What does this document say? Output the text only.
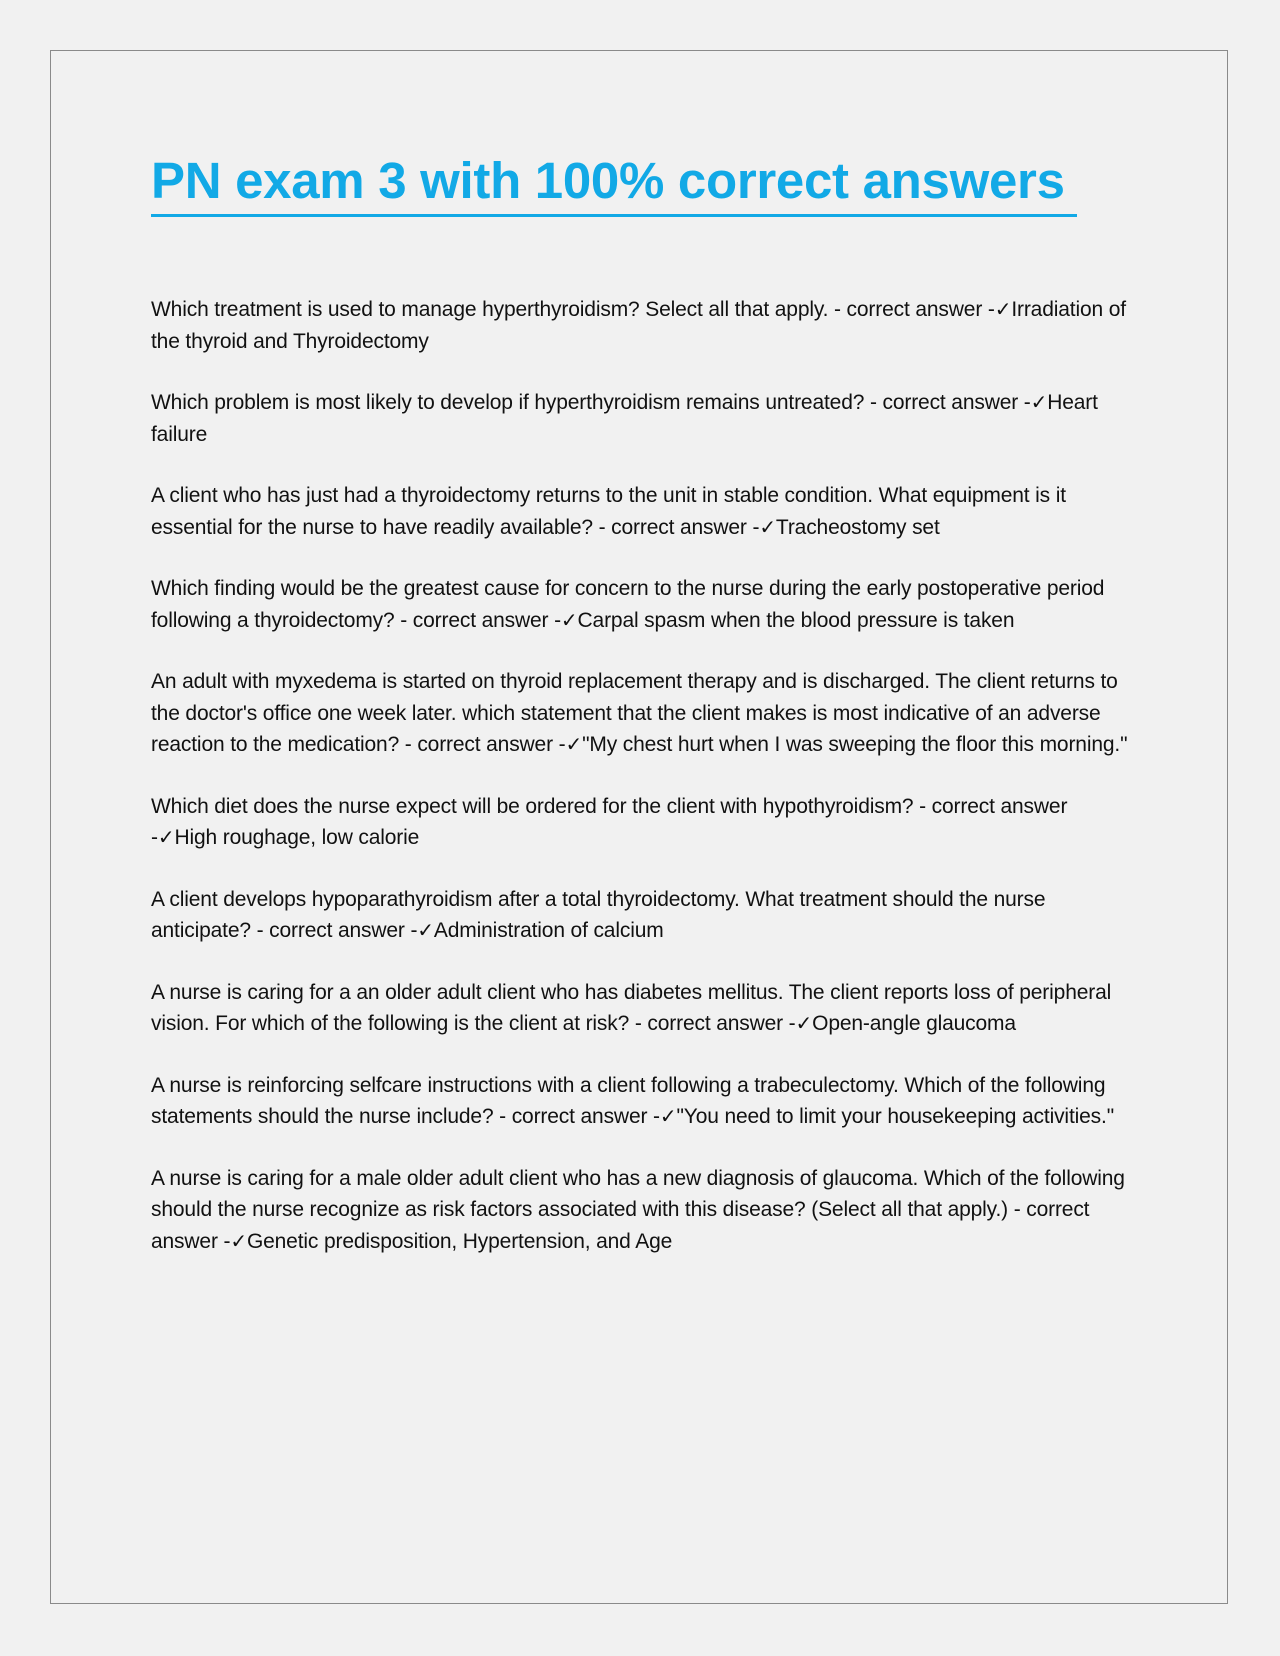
PN exam 3 with 100% correct answers
Which treatment is used to manage hyperthyroidism? Select all that apply. - correct answer -✓Irradiation of the thyroid and Thyroidectomy
Which problem is most likely to develop if hyperthyroidism remains untreated? - correct answer -✓Heart failure
A client who has just had a thyroidectomy returns to the unit in stable condition. What equipment is it essential for the nurse to have readily available? - correct answer -✓Tracheostomy set
Which finding would be the greatest cause for concern to the nurse during the early postoperative period following a thyroidectomy? - correct answer -✓Carpal spasm when the blood pressure is taken
An adult with myxedema is started on thyroid replacement therapy and is discharged. The client returns to the doctor's office one week later. which statement that the client makes is most indicative of an adverse reaction to the medication? - correct answer -✓"My chest hurt when I was sweeping the floor this morning."
Which diet does the nurse expect will be ordered for the client with hypothyroidism? - correct answer -✓High roughage, low calorie
A client develops hypoparathyroidism after a total thyroidectomy. What treatment should the nurse anticipate? - correct answer -✓Administration of calcium
A nurse is caring for a an older adult client who has diabetes mellitus. The client reports loss of peripheral vision. For which of the following is the client at risk? - correct answer -✓Open-angle glaucoma
A nurse is reinforcing selfcare instructions with a client following a trabeculectomy. Which of the following statements should the nurse include? - correct answer -✓"You need to limit your housekeeping activities."
A nurse is caring for a male older adult client who has a new diagnosis of glaucoma. Which of the following should the nurse recognize as risk factors associated with this disease? (Select all that apply.) - correct answer -✓Genetic predisposition, Hypertension, and Age
